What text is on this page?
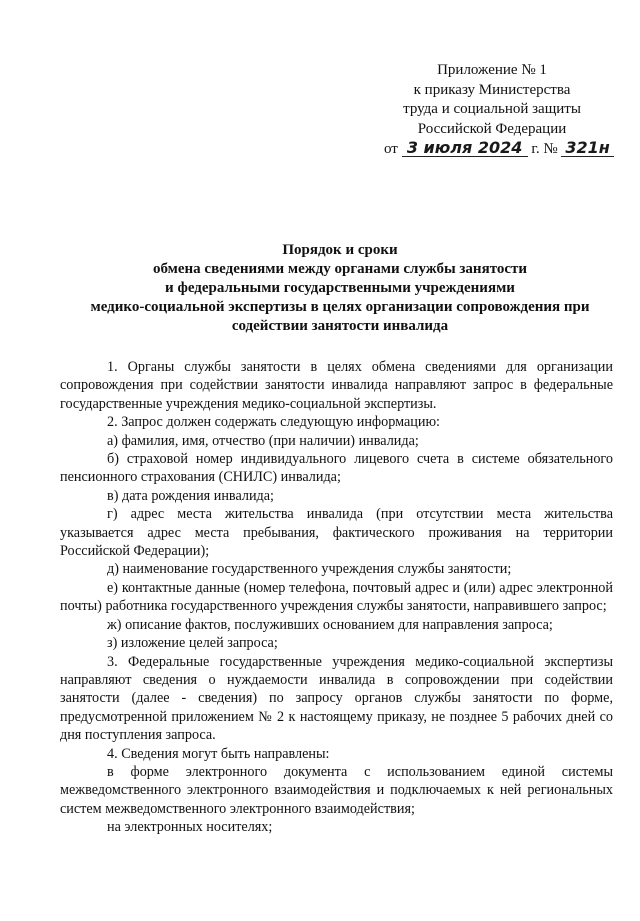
Приложение № 1
к приказу Министерства
труда и социальной защиты
Российской Федерации
от 3 июля 2024 г. № 321н
Порядок и сроки
обмена сведениями между органами службы занятости
и федеральными государственными учреждениями
медико-социальной экспертизы в целях организации сопровождения при
содействии занятости инвалида

1. Органы службы занятости в целях обмена сведениями для организации сопровождения при содействии занятости инвалида направляют запрос в федеральные государственные учреждения медико-социальной экспертизы.

2. Запрос должен содержать следующую информацию:

а) фамилия, имя, отчество (при наличии) инвалида;

б) страховой номер индивидуального лицевого счета в системе обязательного пенсионного страхования (СНИЛС) инвалида;

в) дата рождения инвалида;

г) адрес места жительства инвалида (при отсутствии места жительства указывается адрес места пребывания, фактического проживания на территории Российской Федерации);

д) наименование государственного учреждения службы занятости;

е) контактные данные (номер телефона, почтовый адрес и (или) адрес электронной почты) работника государственного учреждения службы занятости, направившего запрос;

ж) описание фактов, послуживших основанием для направления запроса;

з) изложение целей запроса;

3. Федеральные государственные учреждения медико-социальной экспертизы направляют сведения о нуждаемости инвалида в сопровождении при содействии занятости (далее - сведения) по запросу органов службы занятости по форме, предусмотренной приложением № 2 к настоящему приказу, не позднее 5 рабочих дней со дня поступления запроса.

4. Сведения могут быть направлены:

в форме электронного документа с использованием единой системы межведомственного электронного взаимодействия и подключаемых к ней региональных систем межведомственного электронного взаимодействия;

на электронных носителях;
